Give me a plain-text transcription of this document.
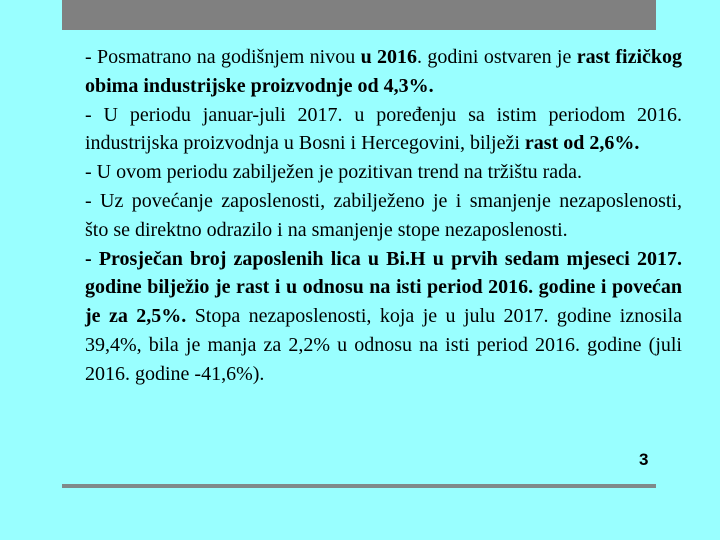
- Posmatrano na godišnjem nivou u 2016. godini ostvaren je rast fizičkog obima industrijske proizvodnje od 4,3%.

- U periodu januar-juli 2017. u poređenju sa istim periodom 2016. industrijska proizvodnja u Bosni i Hercegovini, bilježi rast od 2,6%.

- U ovom periodu zabilježen je pozitivan trend na tržištu rada.

- Uz povećanje zaposlenosti, zabilježeno je i smanjenje nezaposlenosti, što se direktno odrazilo i na smanjenje stope nezaposlenosti.

- Prosječan broj zaposlenih lica u Bi.H u prvih sedam mjeseci 2017. godine bilježio je rast i u odnosu na isti period 2016. godine i povećan je za 2,5%. Stopa nezaposlenosti, koja je u julu 2017. godine iznosila 39,4%, bila je manja za 2,2% u odnosu na isti period 2016. godine (juli 2016. godine -41,6%).

3
